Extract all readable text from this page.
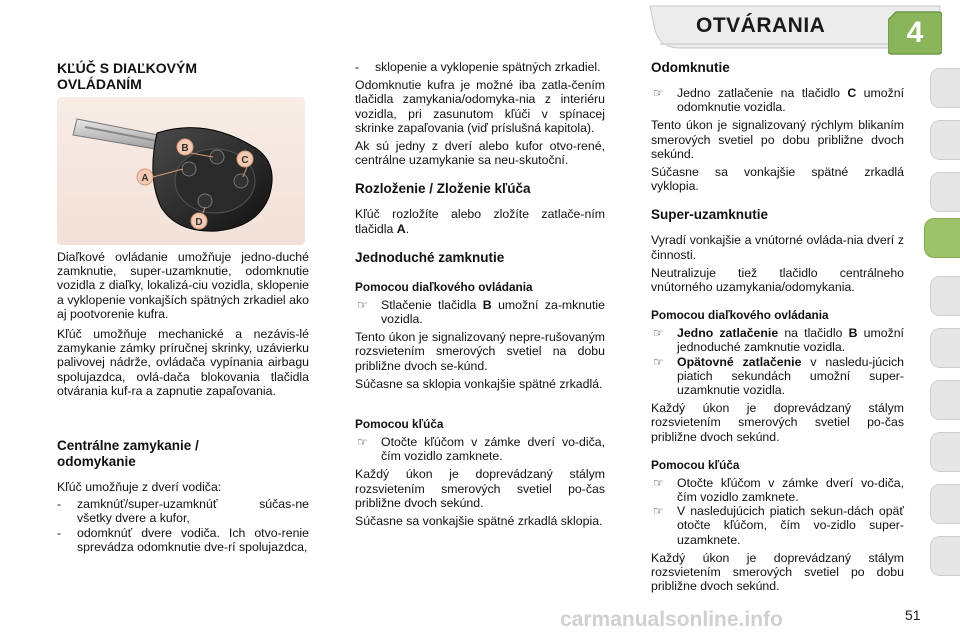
OTVÁRANIA	4
KĽÚČ S DIAĽKOVÝM OVLÁDANÍM
A
B
C
D

Diaľkové ovládanie umožňuje jedno-duché zamknutie, super-uzamknutie, odomknutie vozidla z diaľky, lokalizá-ciu vozidla, sklopenie a vyklopenie vonkajších spätných zrkadiel ako aj pootvorenie kufra.

Kľúč umožňuje mechanické a nezávis-lé zamykanie zámky príručnej skrinky, uzávierku palivovej nádrže, ovládača vypínania airbagu spolujazdca, ovlá-dača blokovania tlačidla otvárania kuf-ra a zapnutie zapaľovania.

Centrálne zamykanie / odomykanie

Kľúč umožňuje z dverí vodiča:

- zamknúť/super-uzamknúť súčas-ne všetky dvere a kufor,
- odomknúť dvere vodiča. Ich otvo-renie sprevádza odomknutie dve-rí spolujazdca,
- sklopenie a vyklopenie spätných zrkadiel.

Odomknutie kufra je možné iba zatla-čením tlačidla zamykania/odomyka-nia z interiéru vozidla, pri zasunutom kľúči v spínacej skrinke zapaľovania (viď príslušná kapitola).

Ak sú jedny z dverí alebo kufor otvo-rené, centrálne uzamykanie sa neu-skutoční.

Rozloženie / Zloženie kľúča

Kľúč rozložíte alebo zložíte zatlače-ním tlačidla A.

Jednoduché zamknutie
Pomocou diaľkového ovládania
☞ Stlačenie tlačidla B umožní za-mknutie vozidla.

Tento úkon je signalizovaný nepre-rušovaným rozsvietením smerových svetiel na dobu približne dvoch se-kúnd.

Súčasne sa sklopia vonkajšie spätné zrkadlá.

Pomocou kľúča
☞ Otočte kľúčom v zámke dverí vo-diča, čím vozidlo zamknete.

Každý úkon je doprevádzaný stálym rozsvietením smerových svetiel po-čas približne dvoch sekúnd.

Súčasne sa vonkajšie spätné zrkadlá sklopia.

Odomknutie
☞ Jedno zatlačenie na tlačidlo C umožní odomknutie vozidla.

Tento úkon je signalizovaný rýchlym blikaním smerových svetiel po dobu približne dvoch sekúnd.

Súčasne sa vonkajšie spätné zrkadlá vyklopia.

Super-uzamknutie

Vyradí vonkajšie a vnútorné ovláda-nia dverí z činnosti.

Neutralizuje tiež tlačidlo centrálneho vnútorného uzamykania/odomykania.

Pomocou diaľkového ovládania
☞ Jedno zatlačenie na tlačidlo B umožní jednoduché zamknutie vozidla.
☞ Opätovné zatlačenie v nasledu-júcich piatich sekundách umožní super-uzamknutie vozidla.

Každý úkon je doprevádzaný stálym rozsvietením smerových svetiel po-čas približne dvoch sekúnd.

Pomocou kľúča
☞ Otočte kľúčom v zámke dverí vo-diča, čím vozidlo zamknete.
☞ V nasledujúcich piatich sekun-dách opäť otočte kľúčom, čím vo-zidlo super-uzamknete.

Každý úkon je doprevádzaný stálym rozsvietením smerových svetiel po dobu približne dvoch sekúnd.

carmanualsonline.info	51
